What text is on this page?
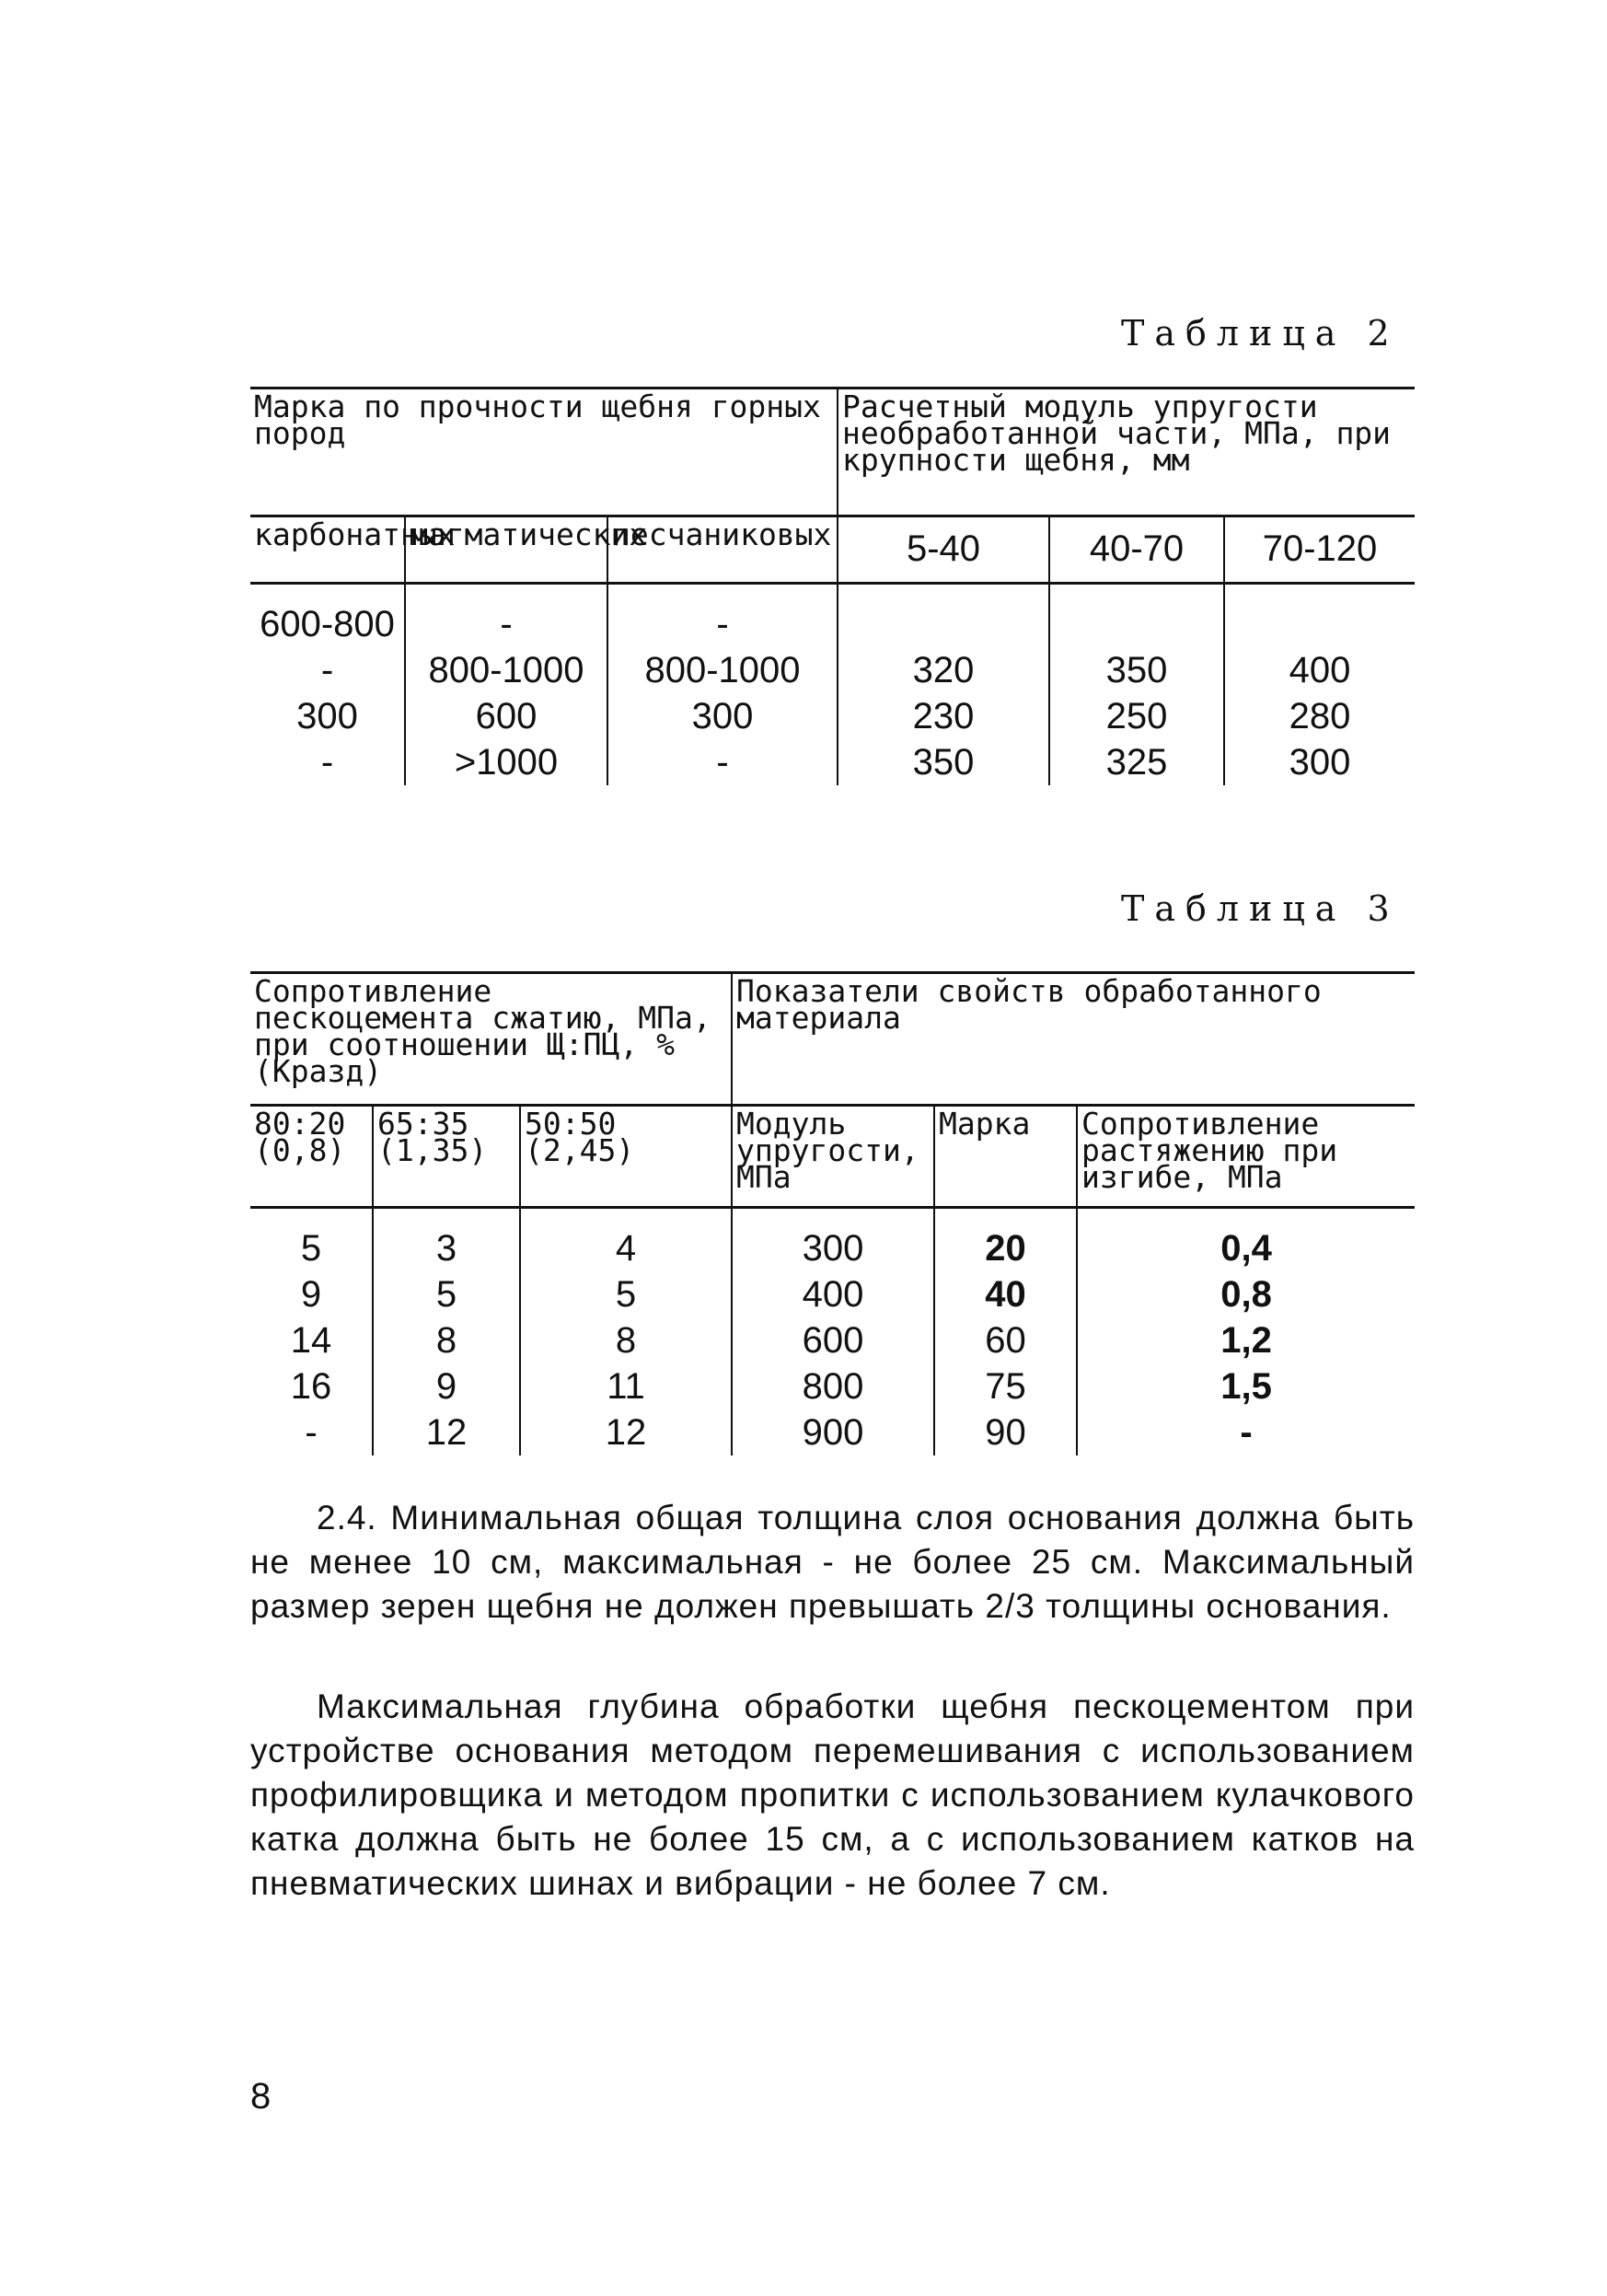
Таблица 2
Марка по прочности щебня горных пород			Расчетный модуль упругости необработанной части, МПа, при крупности щебня, мм		
карбонатных	магматических	песчаниковых	5-40	40-70	70-120
600-800	-	-			
-	800-1000	800-1000	320	350	400
300	600	300	230	250	280
-	>1000	-	350	325	300
Таблица 3
Сопротивление пескоцемента сжатию, МПа, при соотношении Щ:ПЦ, % (Кразд)			Показатели свойств обработанного материала		
80:20 (0,8)	65:35 (1,35)	50:50 (2,45)	Модуль упругости, МПа	Марка	Сопротивление растяжению при изгибе, МПа
5	3	4	300	20	0,4
9	5	5	400	40	0,8
14	8	8	600	60	1,2
16	9	11	800	75	1,5
-	12	12	900	90	-

2.4. Минимальная общая толщина слоя основания должна быть не менее 10 см, максимальная - не более 25 см. Максимальный размер зерен щебня не должен превышать 2/3 толщины основания.

Максимальная глубина обработки щебня пескоцементом при устройстве основания методом перемешивания с использованием профилировщика и методом пропитки с использованием кулачкового катка должна быть не более 15 см, а с использованием катков на пневматических шинах и вибрации - не более 7 см.

8
